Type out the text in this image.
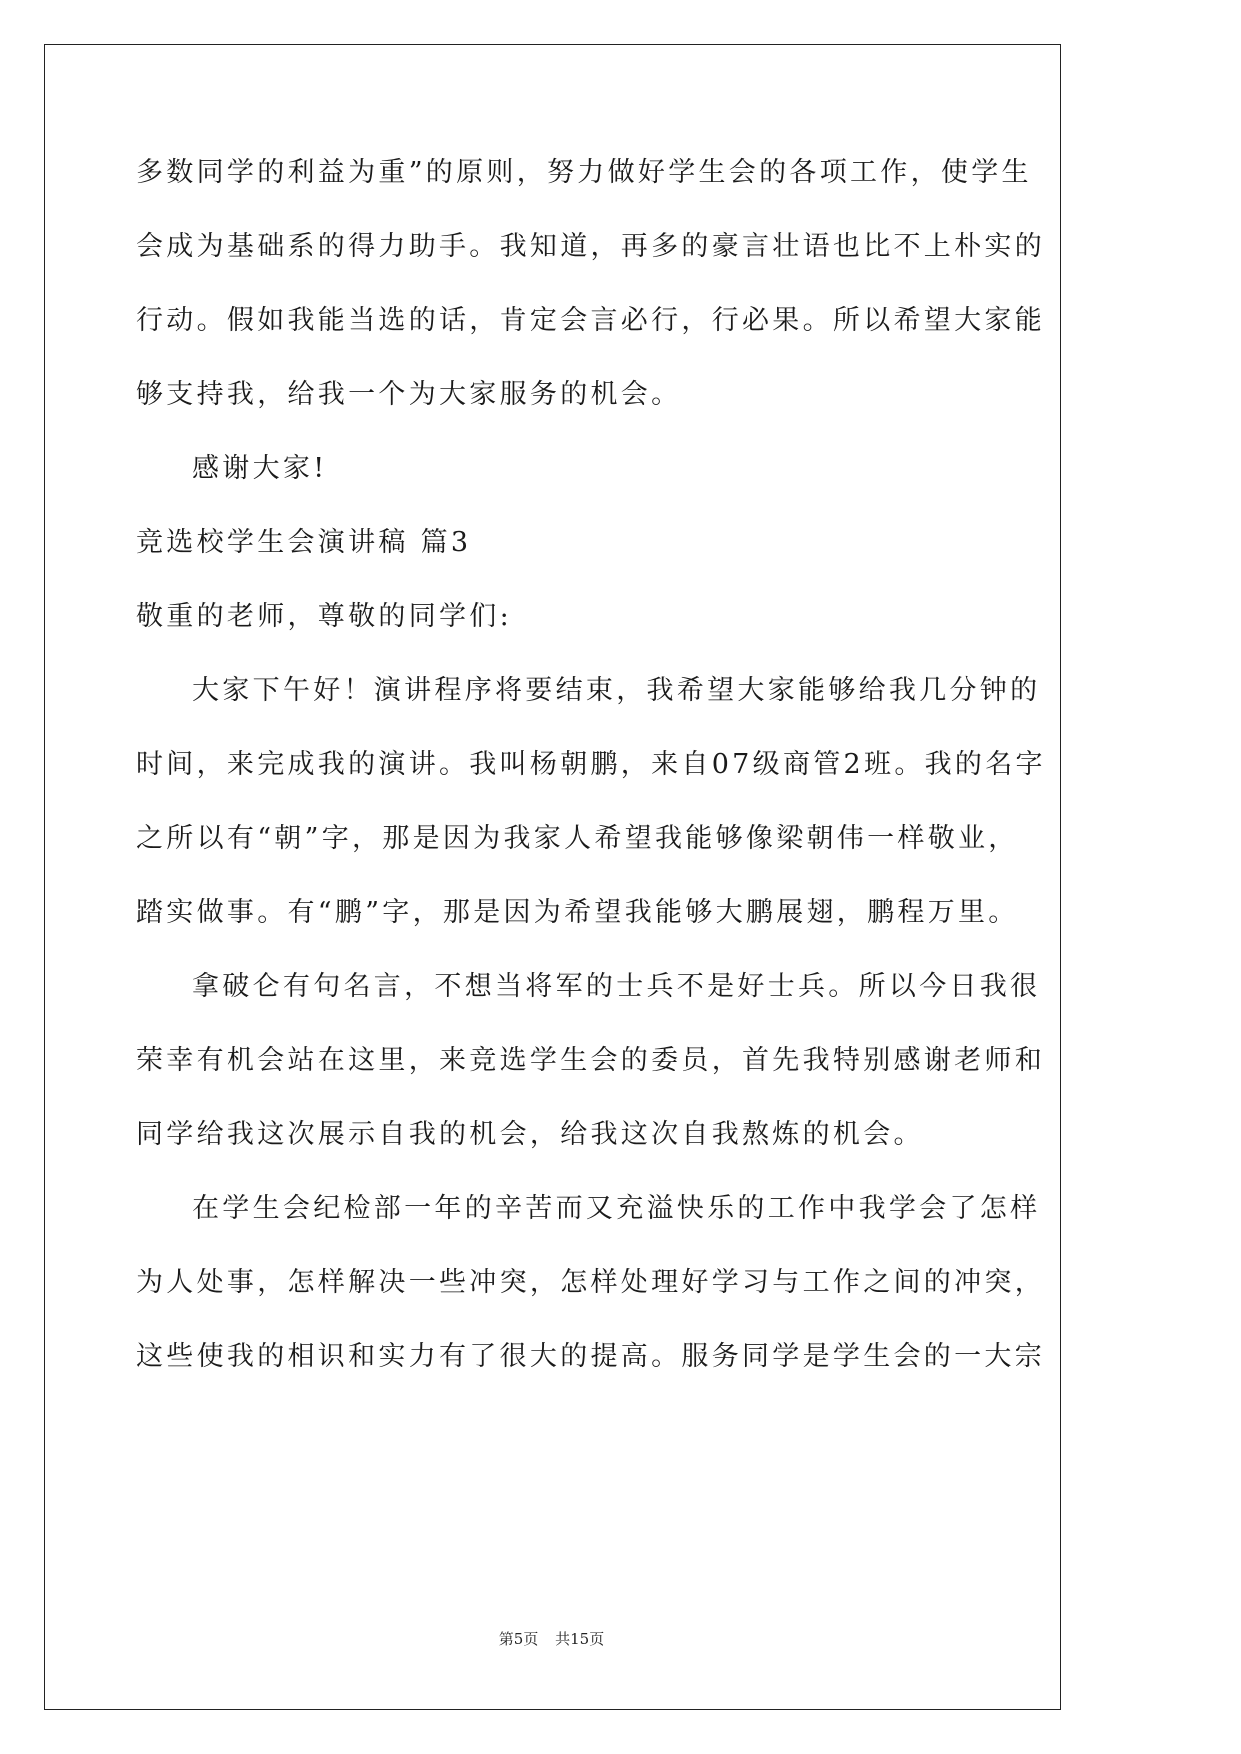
多数同学的利益为重”的原则，努力做好学生会的各项工作，使学生
会成为基础系的得力助手。我知道，再多的豪言壮语也比不上朴实的
行动。假如我能当选的话，肯定会言必行，行必果。所以希望大家能
够支持我，给我一个为大家服务的机会。
感谢大家!
竞选校学生会演讲稿 篇3
敬重的老师，尊敬的同学们:
大家下午好！演讲程序将要结束，我希望大家能够给我几分钟的
时间，来完成我的演讲。我叫杨朝鹏，来自07级商管2班。我的名字
之所以有“朝”字，那是因为我家人希望我能够像梁朝伟一样敬业，
踏实做事。有“鹏”字，那是因为希望我能够大鹏展翅，鹏程万里。
拿破仑有句名言，不想当将军的士兵不是好士兵。所以今日我很
荣幸有机会站在这里，来竞选学生会的委员，首先我特别感谢老师和
同学给我这次展示自我的机会，给我这次自我熬炼的机会。
在学生会纪检部一年的辛苦而又充溢快乐的工作中我学会了怎样
为人处事，怎样解决一些冲突，怎样处理好学习与工作之间的冲突，
这些使我的相识和实力有了很大的提高。服务同学是学生会的一大宗
第5页 共15页
